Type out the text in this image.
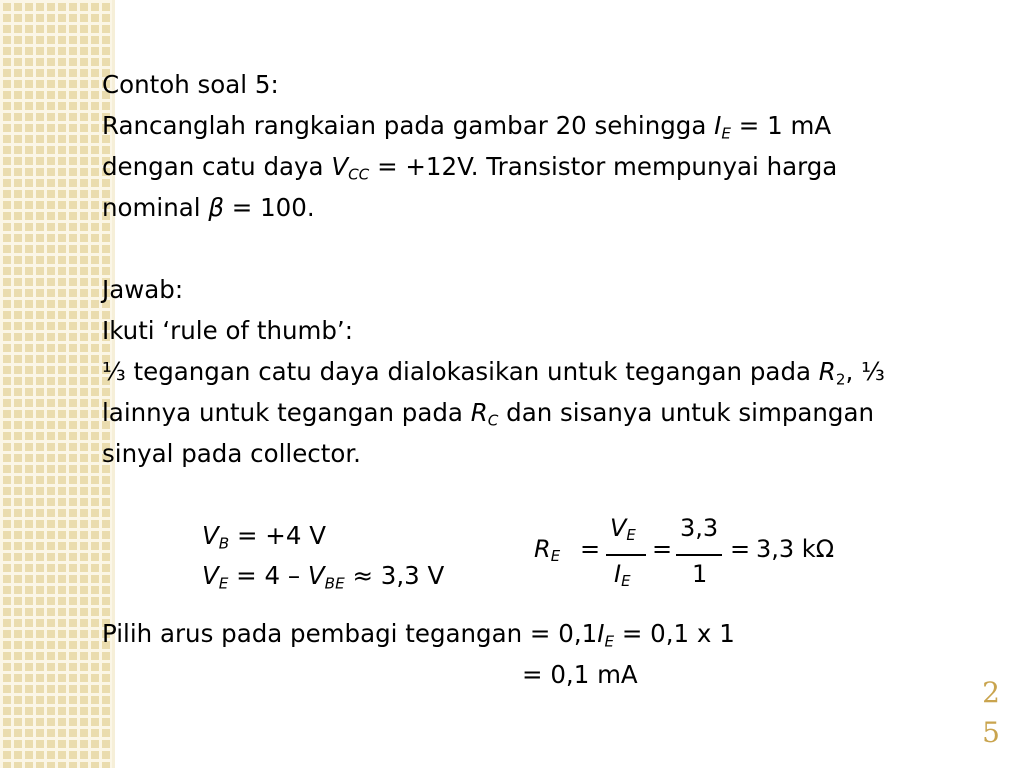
Contoh soal 5:
Rancanglah rangkaian pada gambar 20 sehingga $I_E = 1$ mA
dengan catu daya $V_{CC} = +12V$. Transistor mempunyai harga
nominal β = 100.
Jawab:
Ikuti ‘rule of thumb’:
⅓ tegangan catu daya dialokasikan untuk tegangan pada $R_2$, ⅓
lainnya untuk tegangan pada $R_C$ dan sisanya untuk simpangan
sinyal pada collector.
$V_B = +4$ V
$V_E = 4 - V_{BE} \approx 3,3$ V
Pilih arus pada pembagi tegangan = $0,1I_E = 0,1$ x 1
= 0,1 mA
$R_E$ =
$V_E$
$I_E$
=
3,3
1
= 3,3 kΩ
2
5
